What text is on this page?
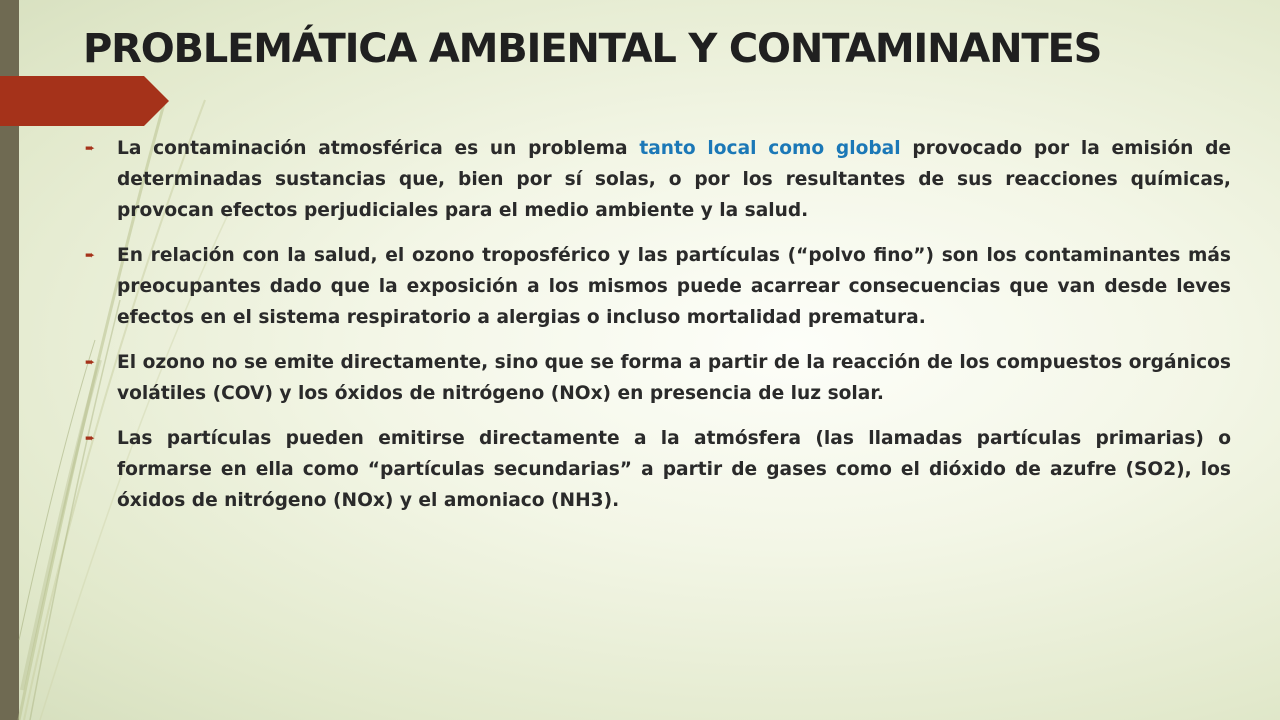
PROBLEMÁTICA AMBIENTAL Y CONTAMINANTES
➨	La contaminación atmosférica es un problema tanto local como global provocado por la emisión de determinadas sustancias que, bien por sí solas, o por los resultantes de sus reacciones químicas, provocan efectos perjudiciales para el medio ambiente y la salud.

➨	En relación con la salud, el ozono troposférico y las partículas (“polvo fino”) son los contaminantes más preocupantes dado que la exposición a los mismos puede acarrear consecuencias que van desde leves efectos en el sistema respiratorio a alergias o incluso mortalidad prematura.

➨	El ozono no se emite directamente, sino que se forma a partir de la reacción de los compuestos orgánicos volátiles (COV) y los óxidos de nitrógeno (NOx) en presencia de luz solar.

➨	Las partículas pueden emitirse directamente a la atmósfera (las llamadas partículas primarias) o formarse en ella como “partículas secundarias” a partir de gases como el dióxido de azufre (SO2), los óxidos de nitrógeno (NOx) y el amoniaco (NH3).
